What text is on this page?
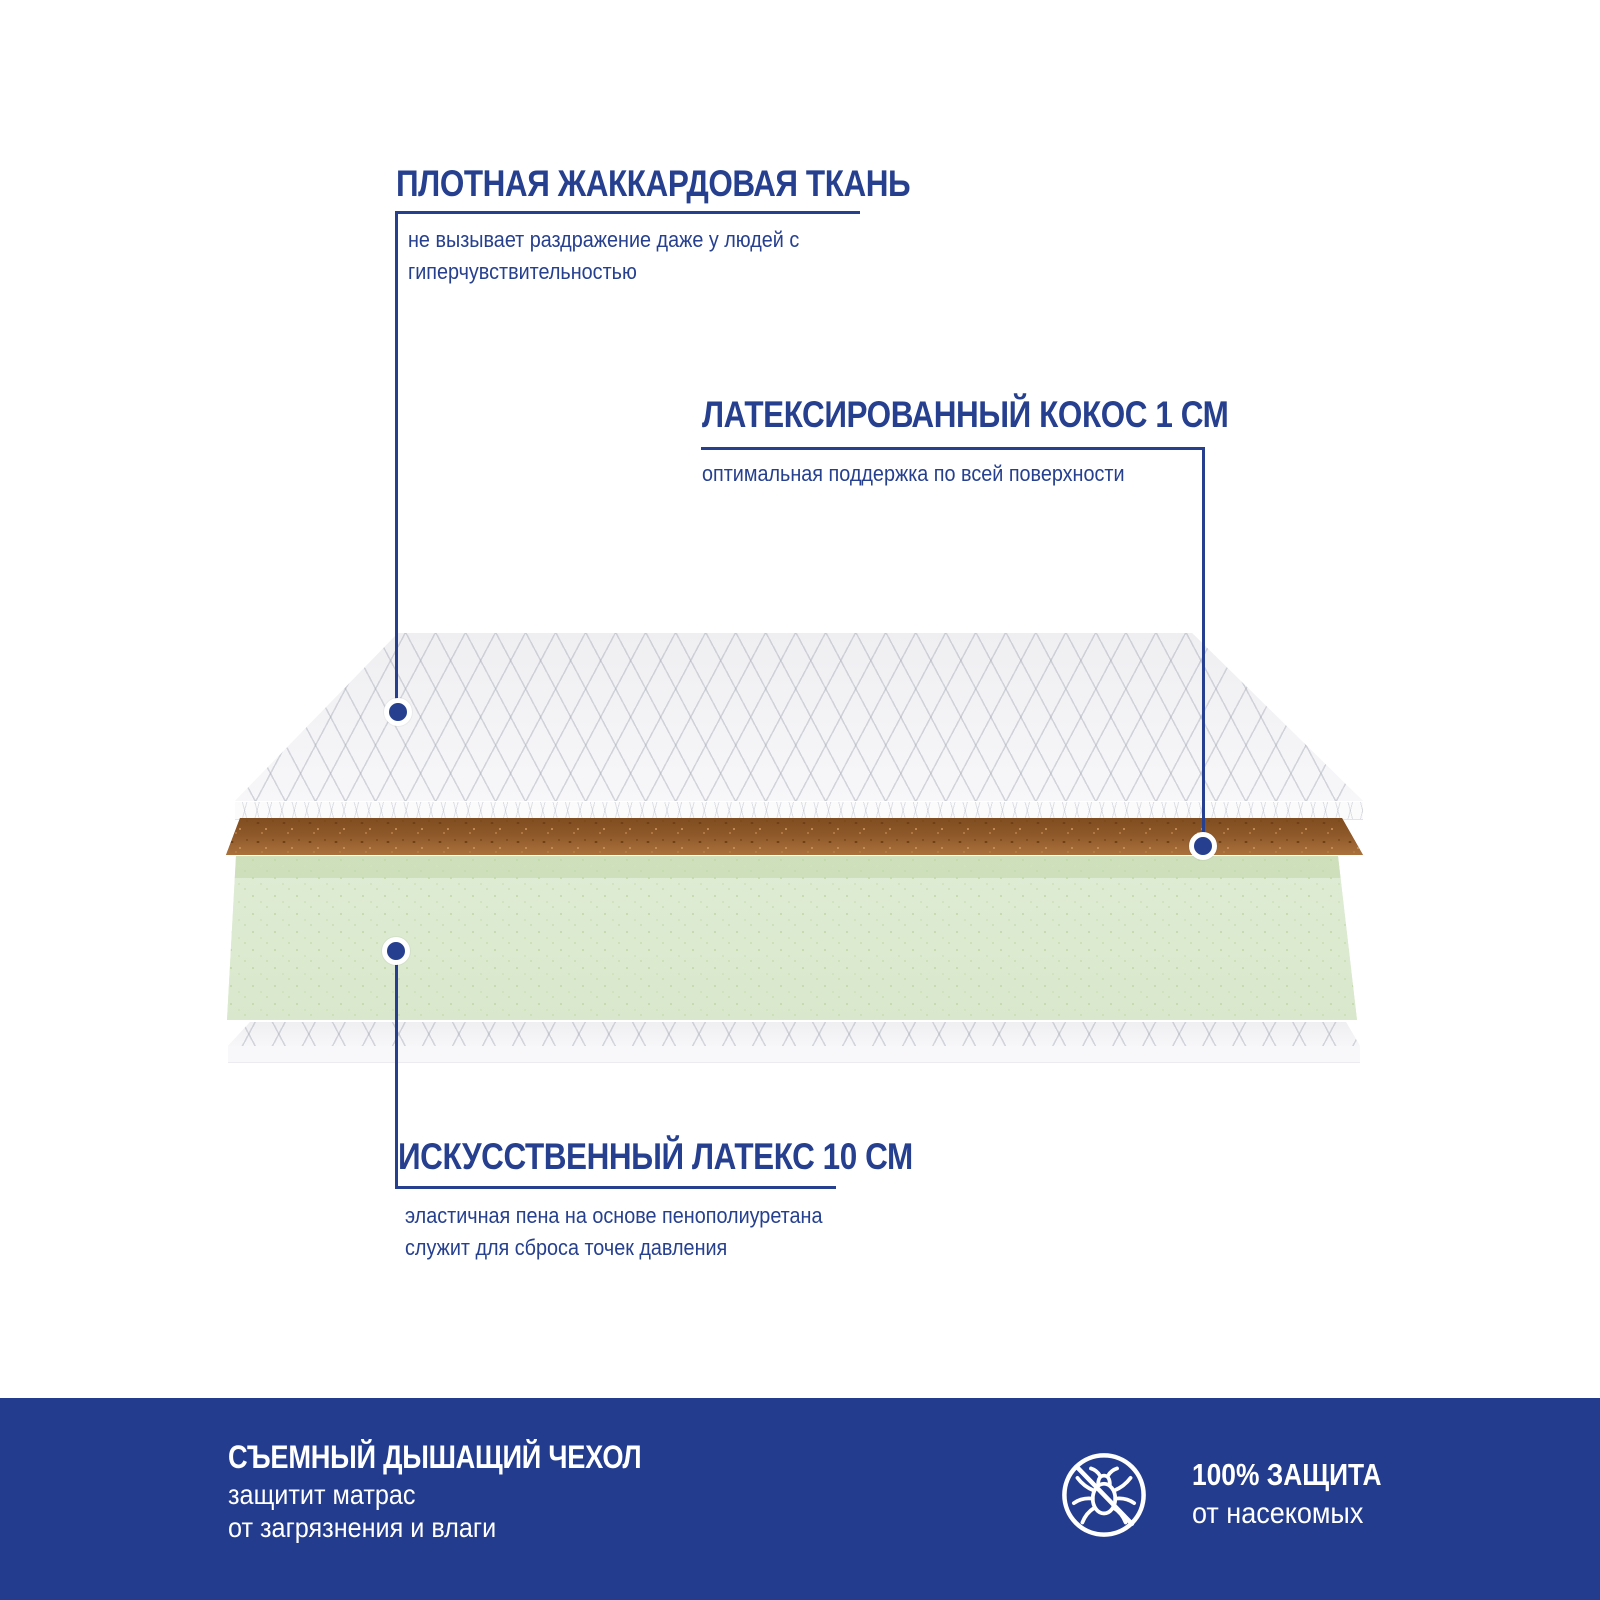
ПЛОТНАЯ ЖАККАРДОВАЯ ТКАНЬ
не вызывает раздражение даже у людей с гиперчувствительностью
ЛАТЕКСИРОВАННЫЙ КОКОС 1 СМ
оптимальная поддержка по всей поверхности
ИСКУССТВЕННЫЙ ЛАТЕКС 10 СМ
эластичная пена на основе пенополиуретана служит для сброса точек давления
СЪЕМНЫЙ ДЫШАЩИЙ ЧЕХОЛ
защитит матрас
от загрязнения и влаги
100% ЗАЩИТА
от насекомых
